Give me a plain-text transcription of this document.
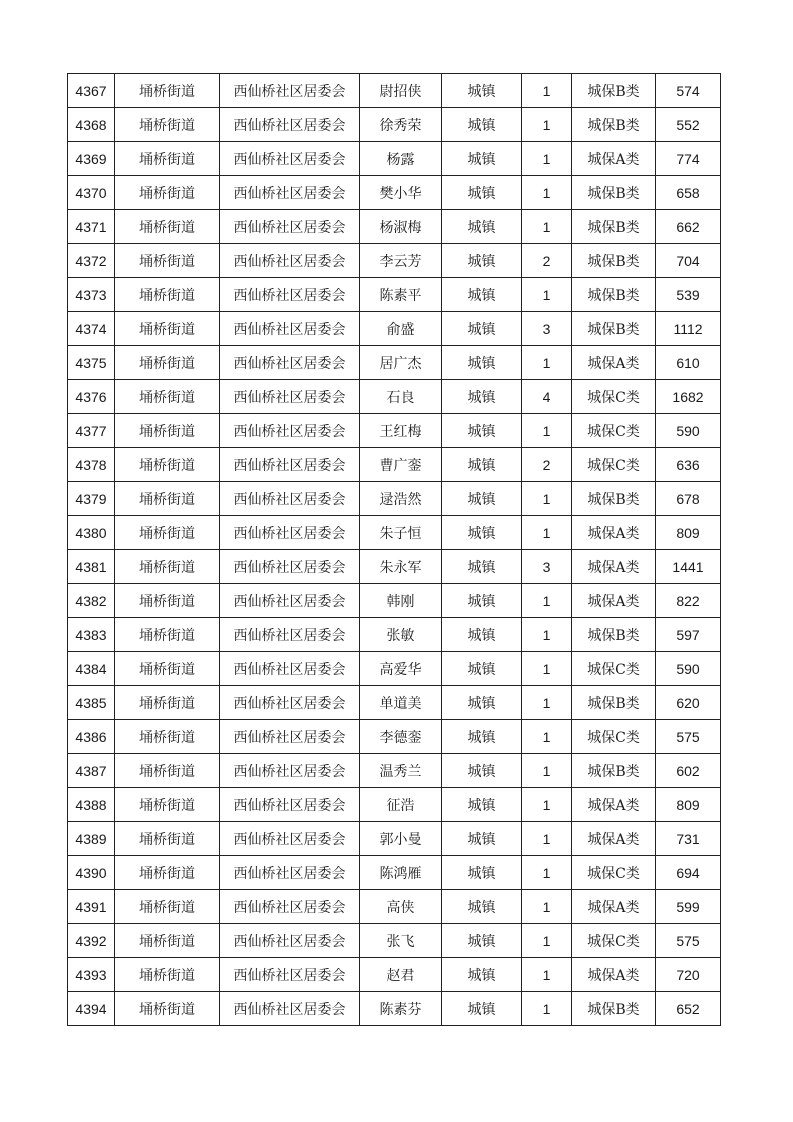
4367	埇桥街道	西仙桥社区居委会	尉招侠	城镇	1	城保B类	574
4368	埇桥街道	西仙桥社区居委会	徐秀荣	城镇	1	城保B类	552
4369	埇桥街道	西仙桥社区居委会	杨露	城镇	1	城保A类	774
4370	埇桥街道	西仙桥社区居委会	樊小华	城镇	1	城保B类	658
4371	埇桥街道	西仙桥社区居委会	杨淑梅	城镇	1	城保B类	662
4372	埇桥街道	西仙桥社区居委会	李云芳	城镇	2	城保B类	704
4373	埇桥街道	西仙桥社区居委会	陈素平	城镇	1	城保B类	539
4374	埇桥街道	西仙桥社区居委会	俞盛	城镇	3	城保B类	1112
4375	埇桥街道	西仙桥社区居委会	居广杰	城镇	1	城保A类	610
4376	埇桥街道	西仙桥社区居委会	石良	城镇	4	城保C类	1682
4377	埇桥街道	西仙桥社区居委会	王红梅	城镇	1	城保C类	590
4378	埇桥街道	西仙桥社区居委会	曹广銮	城镇	2	城保C类	636
4379	埇桥街道	西仙桥社区居委会	逯浩然	城镇	1	城保B类	678
4380	埇桥街道	西仙桥社区居委会	朱子恒	城镇	1	城保A类	809
4381	埇桥街道	西仙桥社区居委会	朱永军	城镇	3	城保A类	1441
4382	埇桥街道	西仙桥社区居委会	韩刚	城镇	1	城保A类	822
4383	埇桥街道	西仙桥社区居委会	张敏	城镇	1	城保B类	597
4384	埇桥街道	西仙桥社区居委会	高爱华	城镇	1	城保C类	590
4385	埇桥街道	西仙桥社区居委会	单道美	城镇	1	城保B类	620
4386	埇桥街道	西仙桥社区居委会	李德銮	城镇	1	城保C类	575
4387	埇桥街道	西仙桥社区居委会	温秀兰	城镇	1	城保B类	602
4388	埇桥街道	西仙桥社区居委会	征浩	城镇	1	城保A类	809
4389	埇桥街道	西仙桥社区居委会	郭小曼	城镇	1	城保A类	731
4390	埇桥街道	西仙桥社区居委会	陈鸿雁	城镇	1	城保C类	694
4391	埇桥街道	西仙桥社区居委会	高侠	城镇	1	城保A类	599
4392	埇桥街道	西仙桥社区居委会	张飞	城镇	1	城保C类	575
4393	埇桥街道	西仙桥社区居委会	赵君	城镇	1	城保A类	720
4394	埇桥街道	西仙桥社区居委会	陈素芬	城镇	1	城保B类	652
